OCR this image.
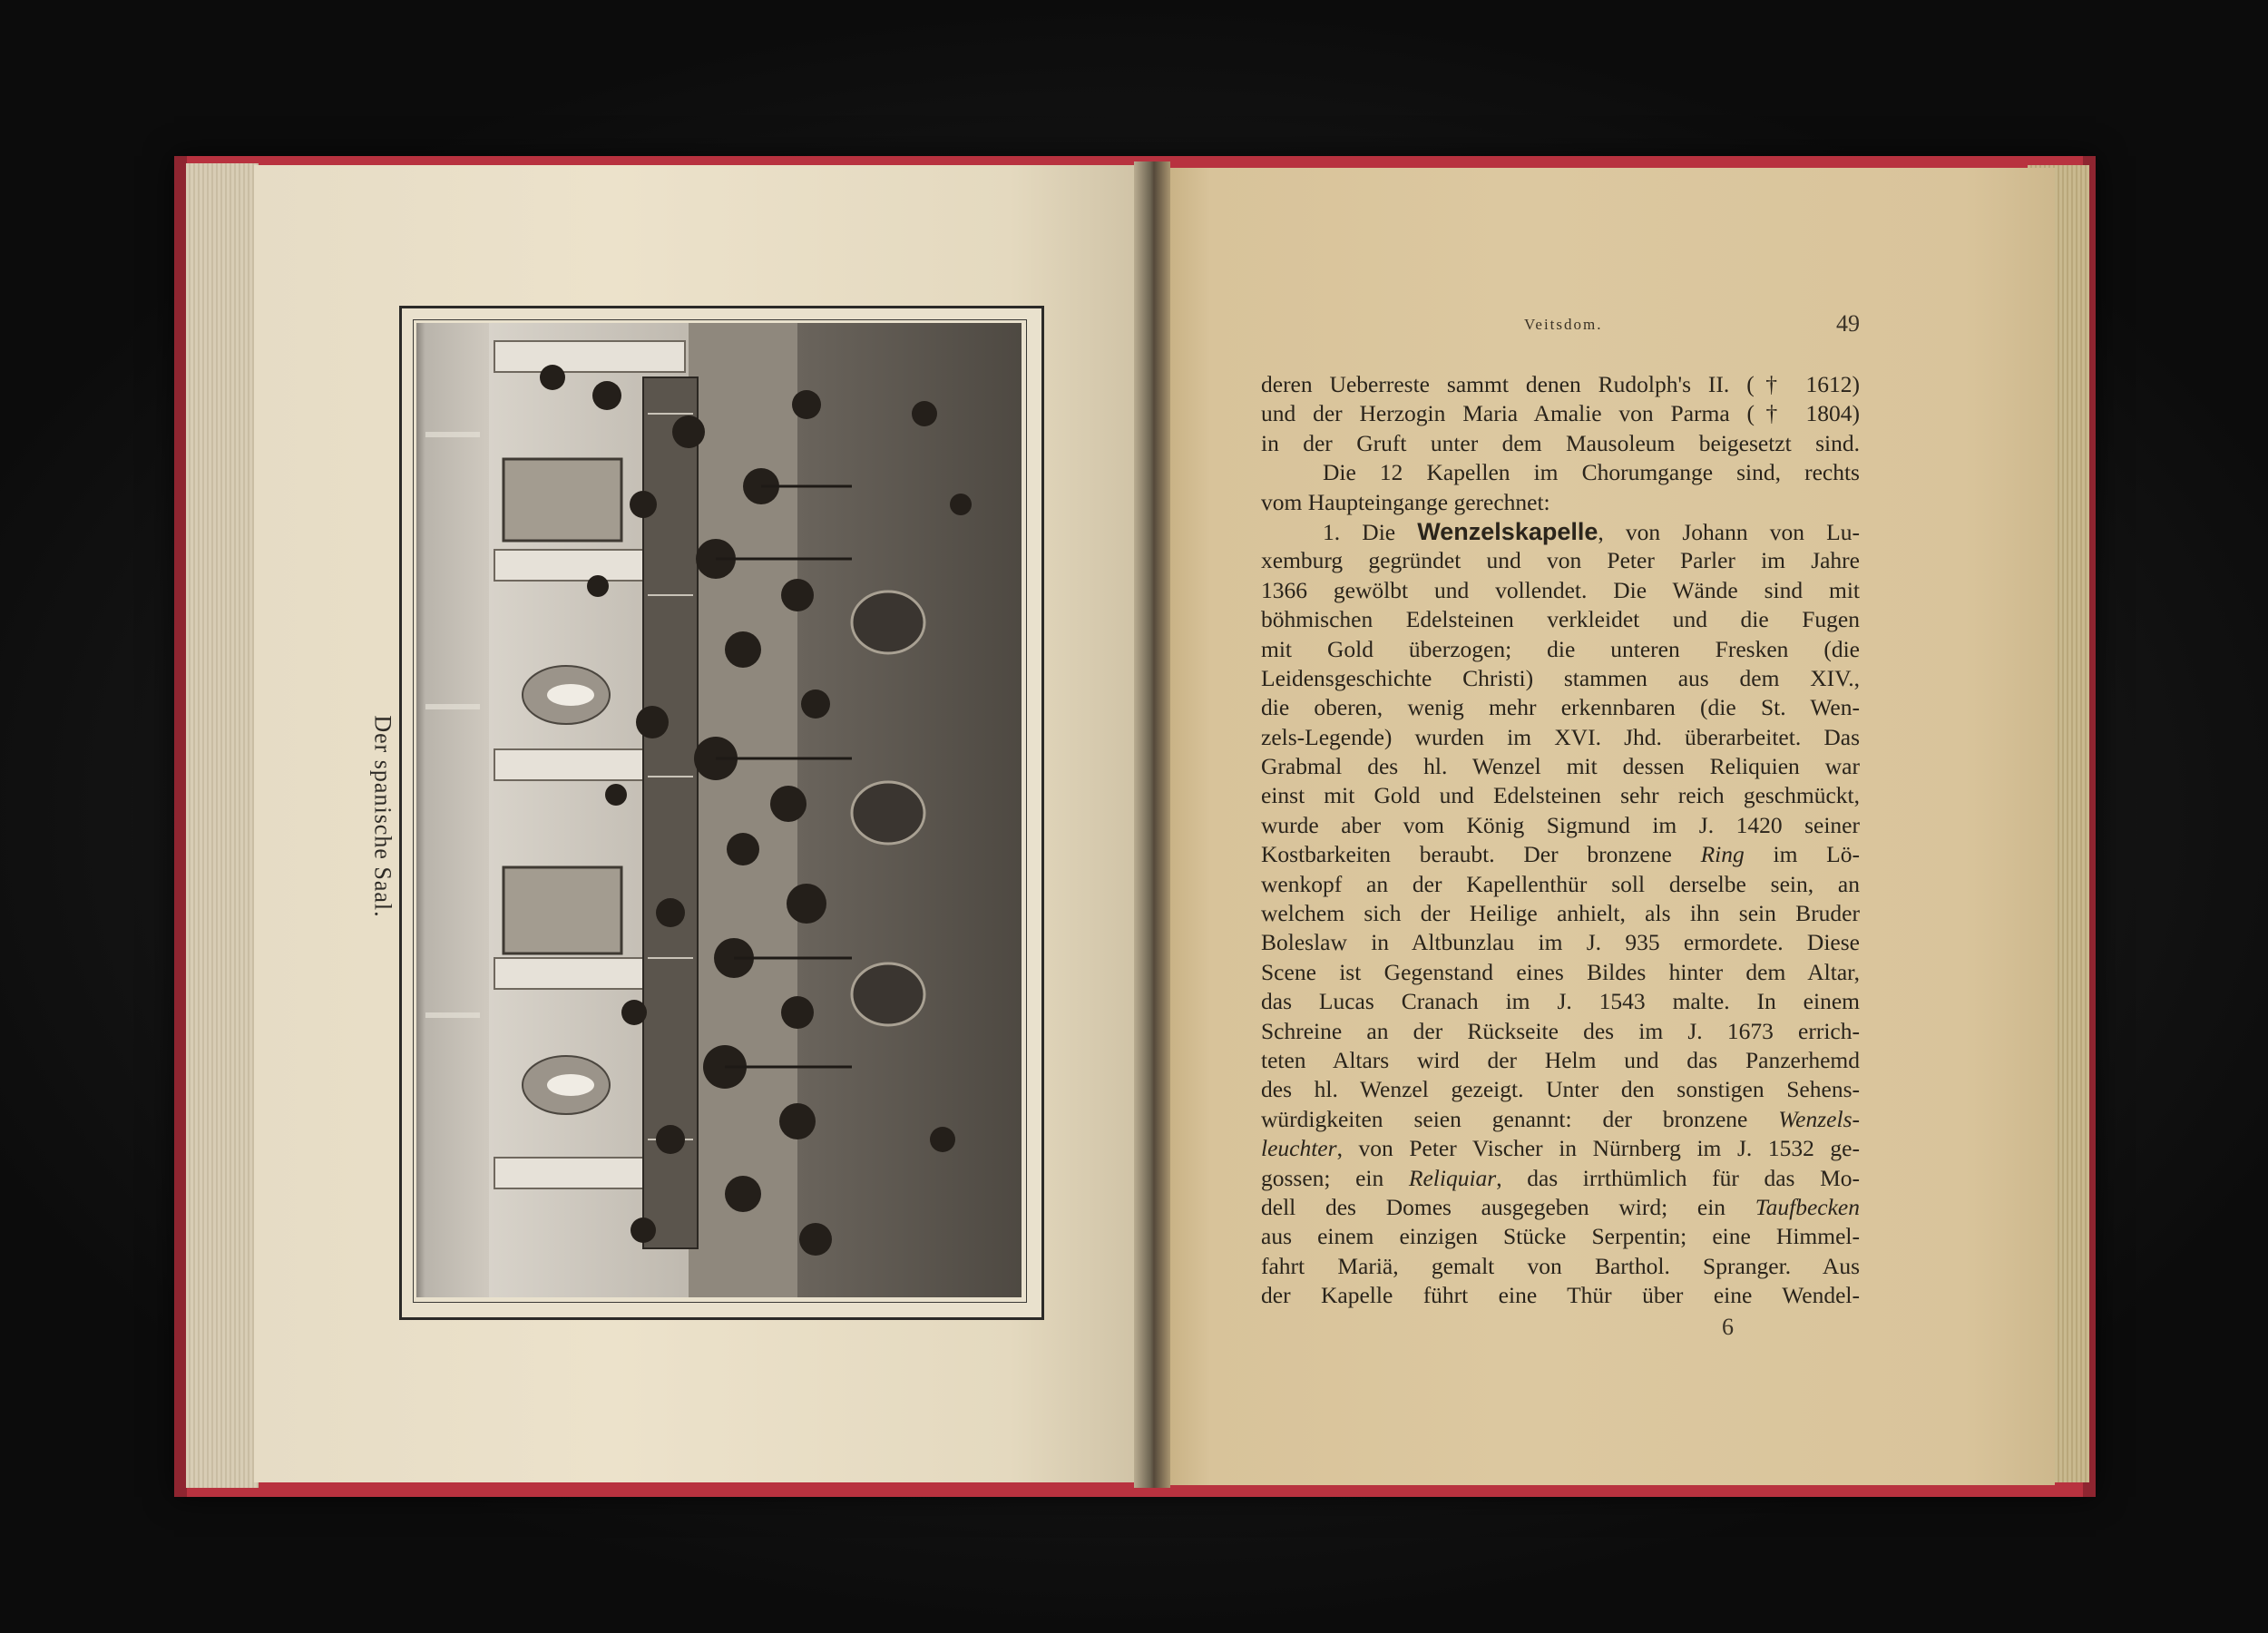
Der spanische Saal.
Veitsdom.	49
deren Ueberreste sammt denen Rudolph's II. († 1612)
und der Herzogin Maria Amalie von Parma († 1804)
in der Gruft unter dem Mausoleum beigesetzt sind.
Die 12 Kapellen im Chorumgange sind, rechts
vom Haupteingange gerechnet:
1. Die Wenzelskapelle, von Johann von Lu-
xemburg gegründet und von Peter Parler im Jahre
1366 gewölbt und vollendet. Die Wände sind mit
böhmischen Edelsteinen verkleidet und die Fugen
mit Gold überzogen; die unteren Fresken (die
Leidensgeschichte Christi) stammen aus dem XIV.,
die oberen, wenig mehr erkennbaren (die St. Wen-
zels-Legende) wurden im XVI. Jhd. überarbeitet. Das
Grabmal des hl. Wenzel mit dessen Reliquien war
einst mit Gold und Edelsteinen sehr reich geschmückt,
wurde aber vom König Sigmund im J. 1420 seiner
Kostbarkeiten beraubt. Der bronzene Ring im Lö-
wenkopf an der Kapellenthür soll derselbe sein, an
welchem sich der Heilige anhielt, als ihn sein Bruder
Boleslaw in Altbunzlau im J. 935 ermordete. Diese
Scene ist Gegenstand eines Bildes hinter dem Altar,
das Lucas Cranach im J. 1543 malte. In einem
Schreine an der Rückseite des im J. 1673 errich-
teten Altars wird der Helm und das Panzerhemd
des hl. Wenzel gezeigt. Unter den sonstigen Sehens-
würdigkeiten seien genannt: der bronzene Wenzels-
leuchter, von Peter Vischer in Nürnberg im J. 1532 ge-
gossen; ein Reliquiar, das irrthümlich für das Mo-
dell des Domes ausgegeben wird; ein Taufbecken
aus einem einzigen Stücke Serpentin; eine Himmel-
fahrt Mariä, gemalt von Barthol. Spranger. Aus
der Kapelle führt eine Thür über eine Wendel-
6
